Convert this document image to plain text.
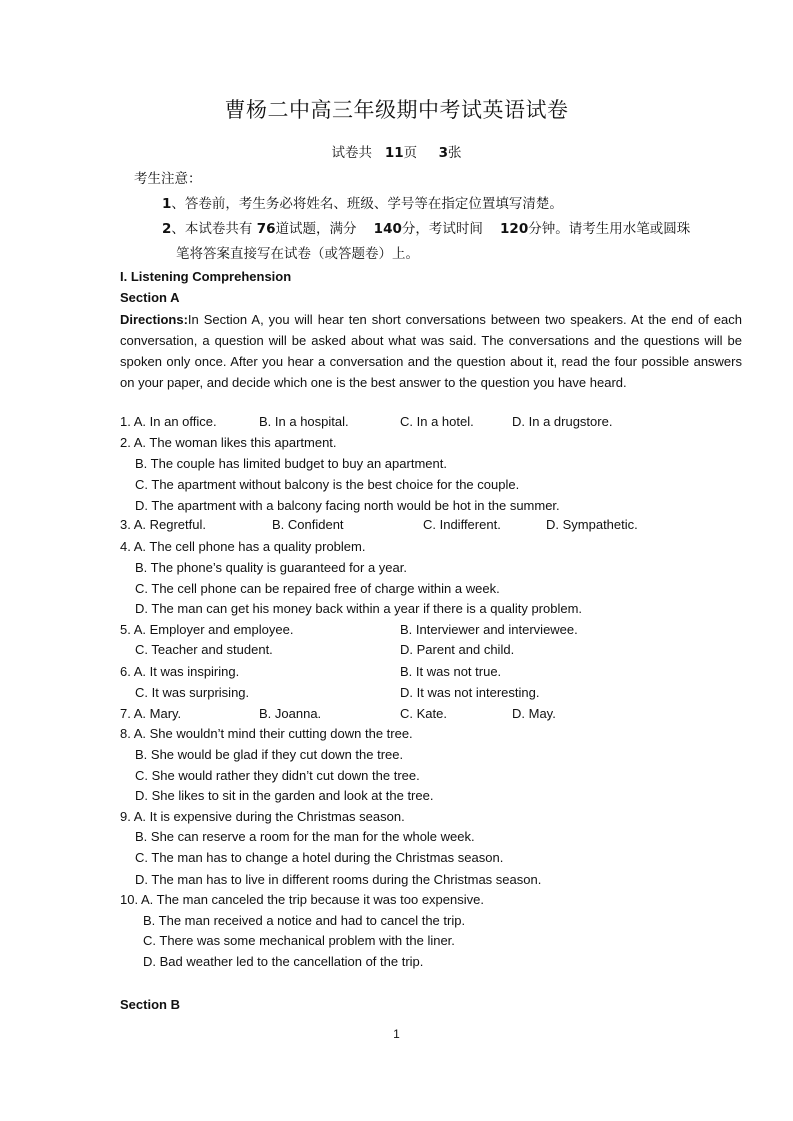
曹杨二中高三年级期中考试英语试卷
试卷共 11页 3张
考生注意：
1、答卷前，考生务必将姓名、班级、学号等在指定位置填写清楚。
2、本试卷共有 76道试题，满分 140分，考试时间 120分钟。请考生用水笔或圆珠
笔将答案直接写在试卷（或答题卷）上。
I. Listening Comprehension
Section A
Directions:In Section A, you will hear ten short conversations between two speakers. At the end of each conversation, a question will be asked about what was said. The conversations and the questions will be spoken only once. After you hear a conversation and the question about it, read the four possible answers on your paper, and decide which one is the best answer to the question you have heard.
1. A. In an office.	B. In a hospital.	C. In a hotel.	D. In a drugstore.
2. A. The woman likes this apartment.
B. The couple has limited budget to buy an apartment.
C. The apartment without balcony is the best choice for the couple.
D. The apartment with a balcony facing north would be hot in the summer.
3. A. Regretful.	B. Confident	C. Indifferent.	D. Sympathetic.
4. A. The cell phone has a quality problem.
B. The phone’s quality is guaranteed for a year.
C. The cell phone can be repaired free of charge within a week.
D. The man can get his money back within a year if there is a quality problem.
5. A. Employer and employee.	B. Interviewer and interviewee.
C. Teacher and student.	D. Parent and child.
6. A. It was inspiring.	B. It was not true.
C. It was surprising.	D. It was not interesting.
7. A. Mary.	B. Joanna.	C. Kate.	D. May.
8. A. She wouldn’t mind their cutting down the tree.
B. She would be glad if they cut down the tree.
C. She would rather they didn’t cut down the tree.
D. She likes to sit in the garden and look at the tree.
9. A. It is expensive during the Christmas season.
B. She can reserve a room for the man for the whole week.
C. The man has to change a hotel during the Christmas season.
D. The man has to live in different rooms during the Christmas season.
10. A. The man canceled the trip because it was too expensive.
B. The man received a notice and had to cancel the trip.
C. There was some mechanical problem with the liner.
D. Bad weather led to the cancellation of the trip.
Section B
1
